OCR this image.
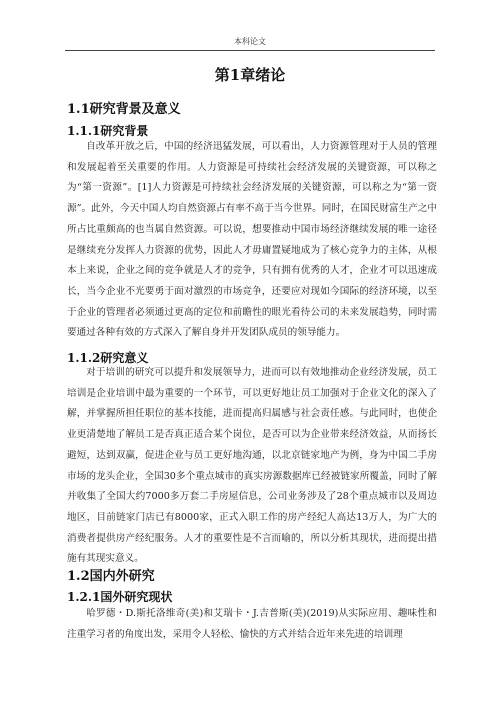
本科论文
第1章绪论
1.1研究背景及意义
1.1.1研究背景

自改革开放之后，中国的经济迅猛发展，可以看出，人力资源管理对于人员的管理和发展起着至关重要的作用。人力资源是可持续社会经济发展的关键资源，可以称之为“第一资源”。[1]人力资源是可持续社会经济发展的关键资源，可以称之为“第一资源”。此外，今天中国人均自然资源占有率不高于当今世界。同时，在国民财富生产之中所占比重颇高的也当属自然资源。可以说，想要推动中国市场经济继续发展的唯一途径是继续充分发挥人力资源的优势，因此人才毋庸置疑地成为了核心竞争力的主体，从根本上来说，企业之间的竞争就是人才的竞争，只有拥有优秀的人才，企业才可以迅速成长，当今企业不光要勇于面对激烈的市场竞争，还要应对现如今国际的经济环境，以至于企业的管理者必须通过更高的定位和前瞻性的眼光看待公司的未来发展趋势，同时需要通过各种有效的方式深入了解自身并开发团队成员的领导能力。

1.1.2研究意义

对于培训的研究可以提升和发展领导力，进而可以有效地推动企业经济发展，员工培训是企业培训中最为重要的一个环节，可以更好地让员工加强对于企业文化的深入了解，并掌握所担任职位的基本技能，进而提高归属感与社会责任感。与此同时，也使企业更清楚地了解员工是否真正适合某个岗位，是否可以为企业带来经济效益，从而扬长避短，达到双赢，促进企业与员工更好地沟通，以北京链家地产为例，身为中国二手房市场的龙头企业，全国30多个重点城市的真实房源数据库已经被链家所覆盖，同时了解并收集了全国大约7000多万套二手房屋信息，公司业务涉及了28个重点城市以及周边地区，目前链家门店已有8000家，正式入职工作的房产经纪人高达13万人，为广大的消费者提供房产经纪服务。人才的重要性是不言而喻的，所以分析其现状，进而提出措施有其现实意义。

1.2国内外研究
1.2.1国外研究现状

哈罗德・D.斯托洛维奇(美)和艾瑞卡・J.吉普斯(美)(2019)从实际应用、趣味性和注重学习者的角度出发，采用令人轻松、愉快的方式并结合近年来先进的培训理
